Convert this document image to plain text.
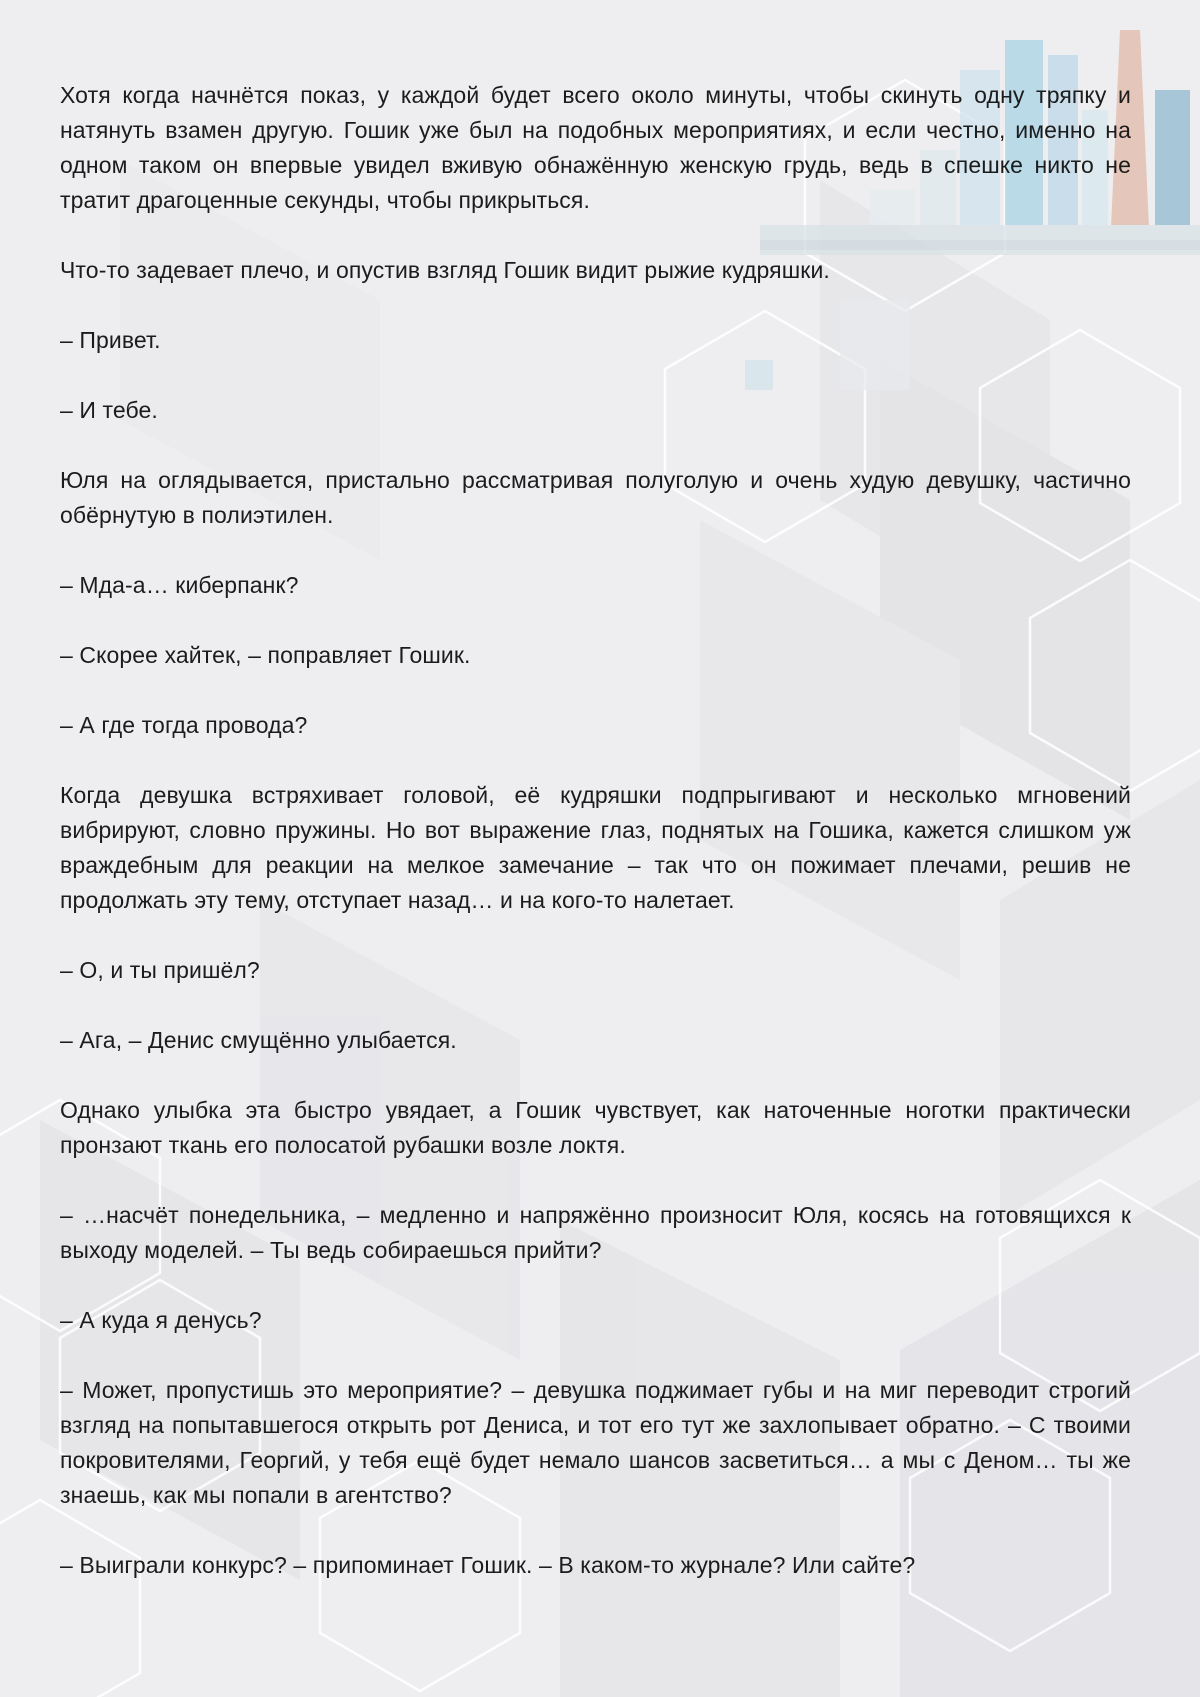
Хотя когда начнётся показ, у каждой будет всего около минуты, чтобы скинуть одну тряпку и натянуть взамен другую. Гошик уже был на подобных мероприятиях, и если честно, именно на одном таком он впервые увидел вживую обнажённую женскую грудь, ведь в спешке никто не тратит драгоценные секунды, чтобы прикрыться.

Что-то задевает плечо, и опустив взгляд Гошик видит рыжие кудряшки.

– Привет.

– И тебе.

Юля на оглядывается, пристально рассматривая полуголую и очень худую девушку, частично обёрнутую в полиэтилен.

– Мда-а… киберпанк?

– Скорее хайтек, – поправляет Гошик.

– А где тогда провода?

Когда девушка встряхивает головой, её кудряшки подпрыгивают и несколько мгновений вибрируют, словно пружины. Но вот выражение глаз, поднятых на Гошика, кажется слишком уж враждебным для реакции на мелкое замечание – так что он пожимает плечами, решив не продолжать эту тему, отступает назад… и на кого-то налетает.

– О, и ты пришёл?

– Ага, – Денис смущённо улыбается.

Однако улыбка эта быстро увядает, а Гошик чувствует, как наточенные ноготки практически пронзают ткань его полосатой рубашки возле локтя.

– …насчёт понедельника, – медленно и напряжённо произносит Юля, косясь на готовящихся к выходу моделей. – Ты ведь собираешься прийти?

– А куда я денусь?

– Может, пропустишь это мероприятие? – девушка поджимает губы и на миг переводит строгий взгляд на попытавшегося открыть рот Дениса, и тот его тут же захлопывает обратно. – С твоими покровителями, Георгий, у тебя ещё будет немало шансов засветиться… а мы с Деном… ты же знаешь, как мы попали в агентство?

– Выиграли конкурс? – припоминает Гошик. – В каком-то журнале? Или сайте?
